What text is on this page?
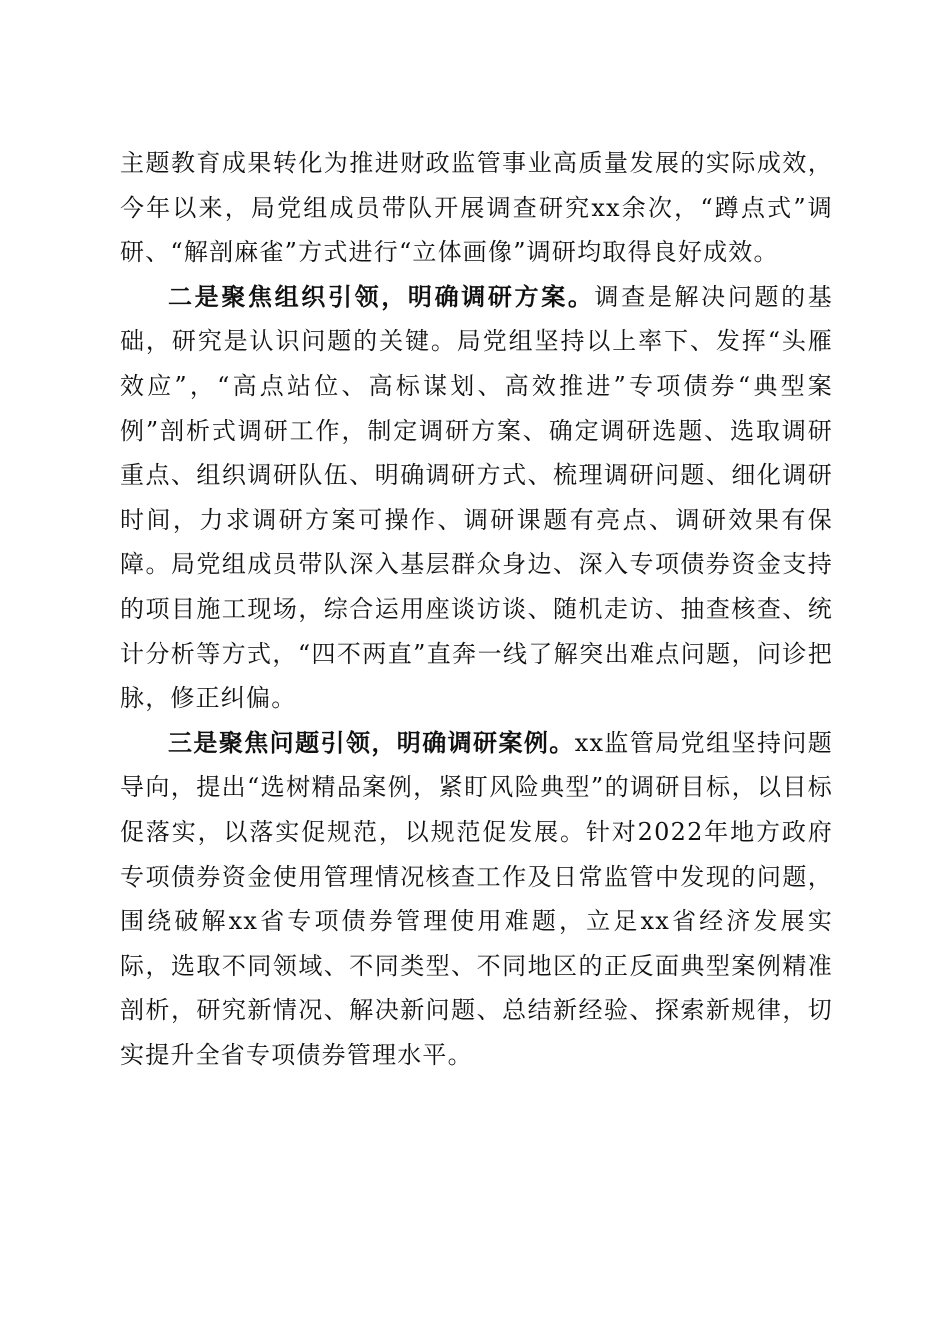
主题教育成果转化为推进财政监管事业高质量发展的实际成效，今年以来，局党组成员带队开展调查研究xx余次，“蹲点式”调研、“解剖麻雀”方式进行“立体画像”调研均取得良好成效。

二是聚焦组织引领，明确调研方案。调查是解决问题的基础，研究是认识问题的关键。局党组坚持以上率下、发挥“头雁效应”，“高点站位、高标谋划、高效推进”专项债券“典型案例”剖析式调研工作，制定调研方案、确定调研选题、选取调研重点、组织调研队伍、明确调研方式、梳理调研问题、细化调研时间，力求调研方案可操作、调研课题有亮点、调研效果有保障。局党组成员带队深入基层群众身边、深入专项债券资金支持的项目施工现场，综合运用座谈访谈、随机走访、抽查核查、统计分析等方式，“四不两直”直奔一线了解突出难点问题，问诊把脉，修正纠偏。

三是聚焦问题引领，明确调研案例。xx监管局党组坚持问题导向，提出“选树精品案例，紧盯风险典型”的调研目标，以目标促落实，以落实促规范，以规范促发展。针对2022年地方政府专项债券资金使用管理情况核查工作及日常监管中发现的问题，围绕破解xx省专项债券管理使用难题，立足xx省经济发展实际，选取不同领域、不同类型、不同地区的正反面典型案例精准剖析，研究新情况、解决新问题、总结新经验、探索新规律，切实提升全省专项债券管理水平。
